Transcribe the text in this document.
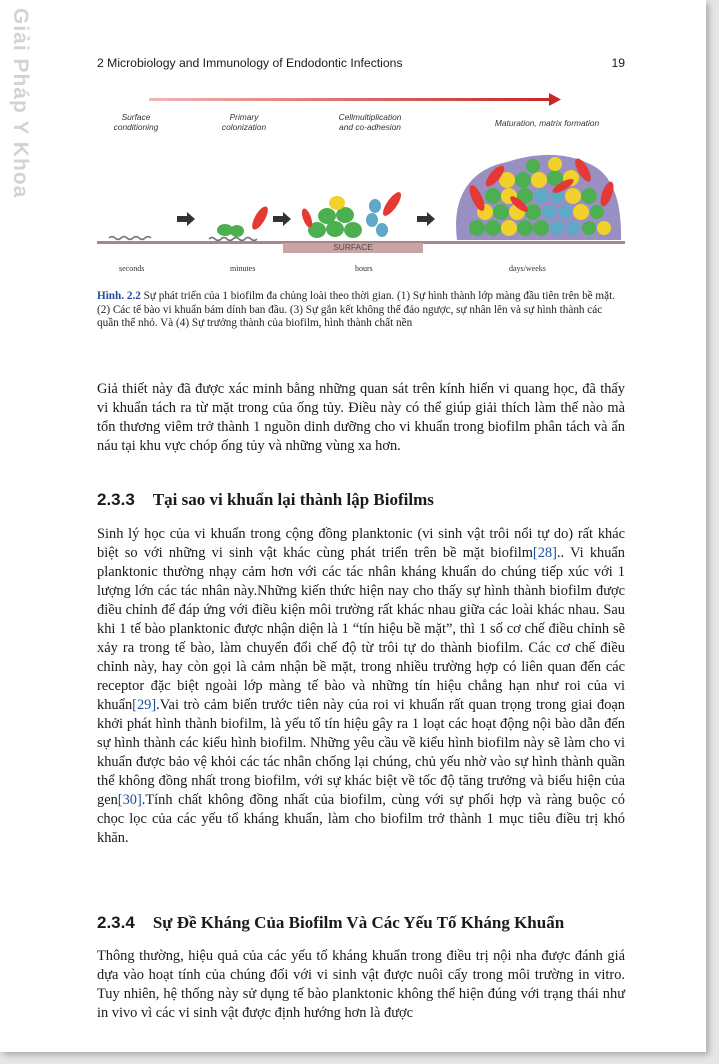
Giải Pháp Y Khoa	2 Microbiology and Immunology of Endodontic Infections	19
Surface
conditioning
Primary
colonization
Cellmultiplication
and co-adhesion	Maturation, matrix formation
SURFACE
seconds	minutes	hours	days/weeks
Hình. 2.2 Sự phát triển của 1 biofilm đa chủng loài theo thời gian. (1) Sự hình thành lớp màng đầu tiên trên bề mặt. (2) Các tế bào vi khuẩn bám dính ban đầu. (3) Sự gắn kết không thể đảo ngược, sự nhân lên và sự hình thành các quần thể nhỏ. Và (4) Sự trưởng thành của biofilm, hình thành chất nền

Giả thiết này đã được xác minh bằng những quan sát trên kính hiển vi quang học, đã thấy vi khuẩn tách ra từ mặt trong của ống tủy. Điều này có thể giúp giải thích làm thế nào mà tổn thương viêm trở thành 1 nguồn dinh dưỡng cho vi khuẩn trong biofilm phân tách và ẩn náu tại khu vực chóp ống tủy và những vùng xa hơn.

2.3.3 Tại sao vi khuẩn lại thành lập Biofilms

Sinh lý học của vi khuẩn trong cộng đồng planktonic (vi sinh vật trôi nổi tự do) rất khác biệt so với những vi sinh vật khác cùng phát triển trên bề mặt biofilm[28].. Vi khuẩn planktonic thường nhạy cảm hơn với các tác nhân kháng khuẩn do chúng tiếp xúc với 1 lượng lớn các tác nhân này.Những kiến thức hiện nay cho thấy sự hình thành biofilm được điều chỉnh để đáp ứng với điều kiện môi trường rất khác nhau giữa các loài khác nhau. Sau khi 1 tế bào planktonic được nhận diện là 1 “tín hiệu bề mặt”, thì 1 số cơ chế điều chỉnh sẽ xảy ra trong tế bào, làm chuyển đổi chế độ từ trôi tự do thành biofilm. Các cơ chế điều chỉnh này, hay còn gọi là cảm nhận bề mặt, trong nhiều trường hợp có liên quan đến các receptor đặc biệt ngoài lớp màng tế bào và những tín hiệu chẳng hạn như roi của vi khuẩn[29].Vai trò cảm biến trước tiên này của roi vi khuẩn rất quan trọng trong giai đoạn khởi phát hình thành biofilm, là yếu tố tín hiệu gây ra 1 loạt các hoạt động nội bào dẫn đến sự hình thành các kiểu hình biofilm. Những yêu cầu về kiểu hình biofilm này sẽ làm cho vi khuẩn được bảo vệ khỏi các tác nhân chống lại chúng, chủ yếu nhờ vào sự hình thành quần thể không đồng nhất trong biofilm, với sự khác biệt về tốc độ tăng trưởng và biểu hiện của gen[30].Tính chất không đồng nhất của biofilm, cùng với sự phối hợp và ràng buộc có chọc lọc của các yếu tố kháng khuẩn, làm cho biofilm trở thành 1 mục tiêu điều trị khó khăn.

2.3.4 Sự Đề Kháng Của Biofilm Và Các Yếu Tố Kháng Khuẩn

Thông thường, hiệu quả của các yếu tố kháng khuẩn trong điều trị nội nha được đánh giá dựa vào hoạt tính của chúng đối với vi sinh vật được nuôi cấy trong môi trường in vitro. Tuy nhiên, hệ thống này sử dụng tế bào planktonic không thể hiện đúng với trạng thái như in vivo vì các vi sinh vật được định hướng hơn là được
